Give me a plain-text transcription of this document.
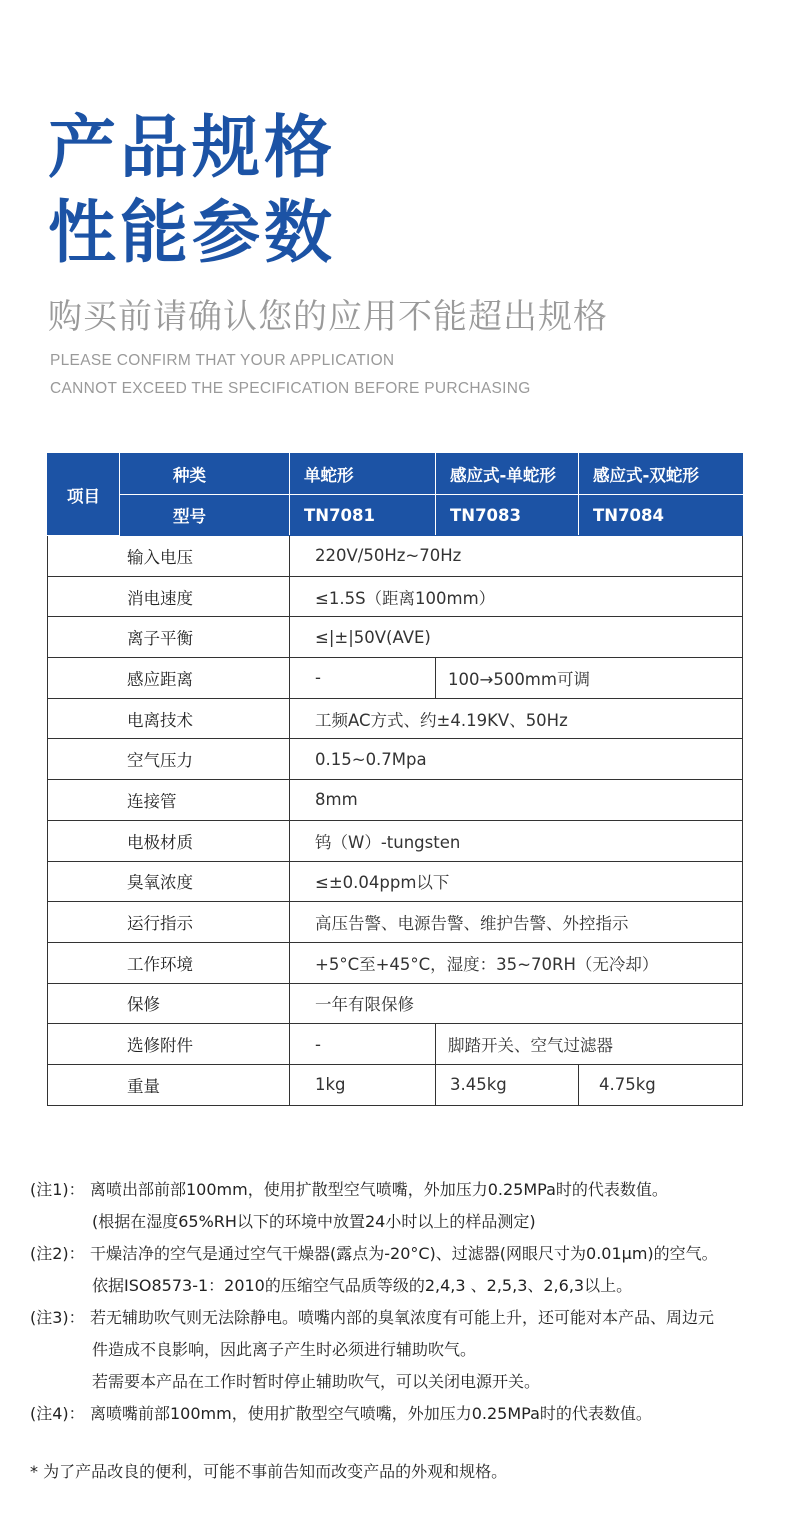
产品规格
性能参数
购买前请确认您的应用不能超出规格
PLEASE CONFIRM THAT YOUR APPLICATION
CANNOT EXCEED THE SPECIFICATION BEFORE PURCHASING
项目	种类	单蛇形	感应式-单蛇形	感应式-双蛇形
	型号	TN7081	TN7083	TN7084
输入电压		220V/50Hz~70Hz		
消电速度		≤1.5S（距离100mm）		
离子平衡		≤|±|50V(AVE)		
感应距离		-	100→500mm可调	
电离技术		工频AC方式、约±4.19KV、50Hz		
空气压力		0.15~0.7Mpa		
连接管		8mm		
电极材质		钨（W）-tungsten		
臭氧浓度		≤±0.04ppm以下		
运行指示		高压告警、电源告警、维护告警、外控指示		
工作环境		+5°C至+45°C，湿度：35~70RH（无冷却）		
保修		一年有限保修		
选修附件		-	脚踏开关、空气过滤器	
重量		1kg	3.45kg	4.75kg
(注1)： 离喷出部前部100mm，使用扩散型空气喷嘴，外加压力0.25MPa时的代表数值。
(根据在湿度65%RH以下的环境中放置24小时以上的样品测定)
(注2)： 干燥洁净的空气是通过空气干燥器(露点为-20°C)、过滤器(网眼尺寸为0.01μm)的空气。
依据ISO8573-1：2010的压缩空气品质等级的2,4,3 、2,5,3、2,6,3以上。
(注3)： 若无辅助吹气则无法除静电。喷嘴内部的臭氧浓度有可能上升，还可能对本产品、周边元
件造成不良影响，因此离子产生时必须进行辅助吹气。
若需要本产品在工作时暂时停止辅助吹气，可以关闭电源开关。
(注4)： 离喷嘴前部100mm，使用扩散型空气喷嘴，外加压力0.25MPa时的代表数值。
* 为了产品改良的便利，可能不事前告知而改变产品的外观和规格。
